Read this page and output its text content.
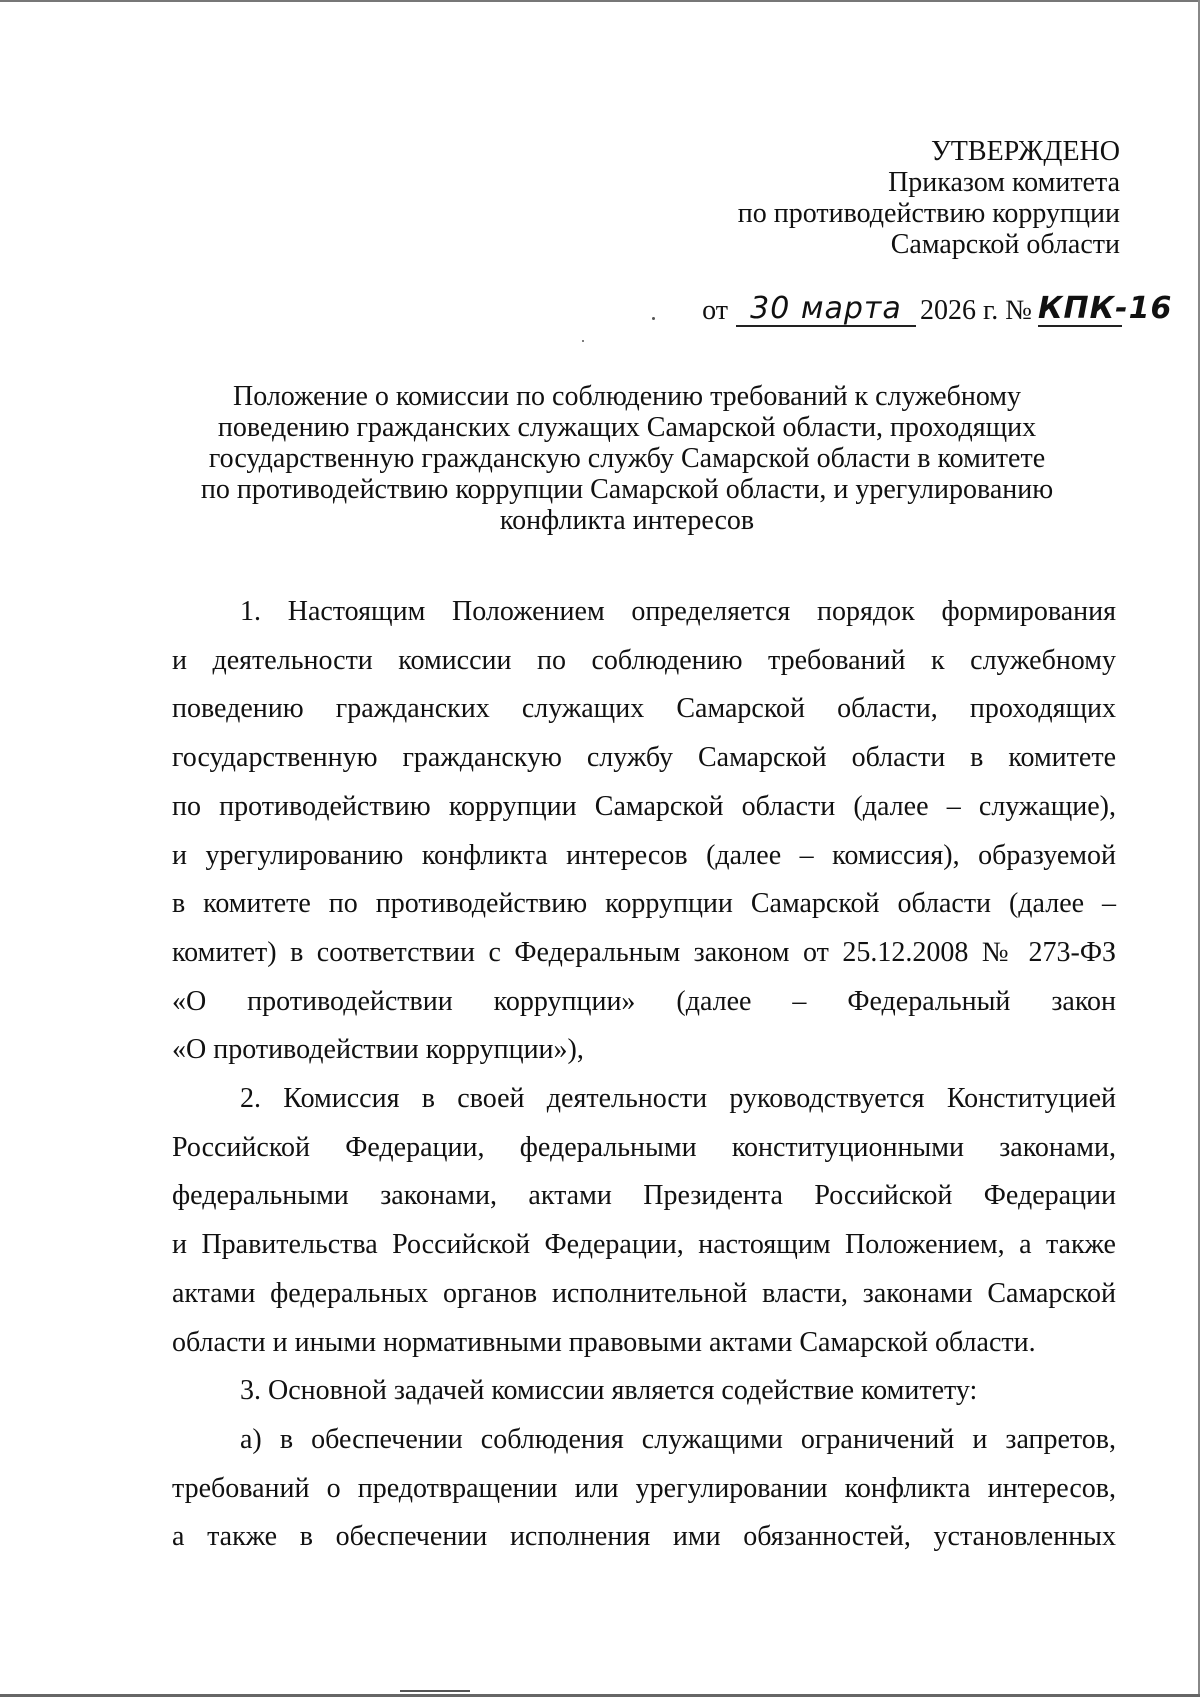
УТВЕРЖДЕНО
Приказом комитета
по противодействию коррупции
Самарской области
от 30 марта 2026 г. № КПК-16
Положение о комиссии по соблюдению требований к служебному
поведению гражданских служащих Самарской области, проходящих
государственную гражданскую службу Самарской области в комитете
по противодействию коррупции Самарской области, и урегулированию
конфликта интересов
1. Настоящим Положением определяется порядок формирования
и деятельности комиссии по соблюдению требований к служебному
поведению гражданских служащих Самарской области, проходящих
государственную гражданскую службу Самарской области в комитете
по противодействию коррупции Самарской области (далее – служащие),
и урегулированию конфликта интересов (далее – комиссия), образуемой
в комитете по противодействию коррупции Самарской области (далее –
комитет) в соответствии с Федеральным законом от 25.12.2008 № 273-ФЗ
«О противодействии коррупции» (далее – Федеральный закон
«О противодействии коррупции»),
2. Комиссия в своей деятельности руководствуется Конституцией
Российской Федерации, федеральными конституционными законами,
федеральными законами, актами Президента Российской Федерации
и Правительства Российской Федерации, настоящим Положением, а также
актами федеральных органов исполнительной власти, законами Самарской
области и иными нормативными правовыми актами Самарской области.
3. Основной задачей комиссии является содействие комитету:
а) в обеспечении соблюдения служащими ограничений и запретов,
требований о предотвращении или урегулировании конфликта интересов,
а также в обеспечении исполнения ими обязанностей, установленных
